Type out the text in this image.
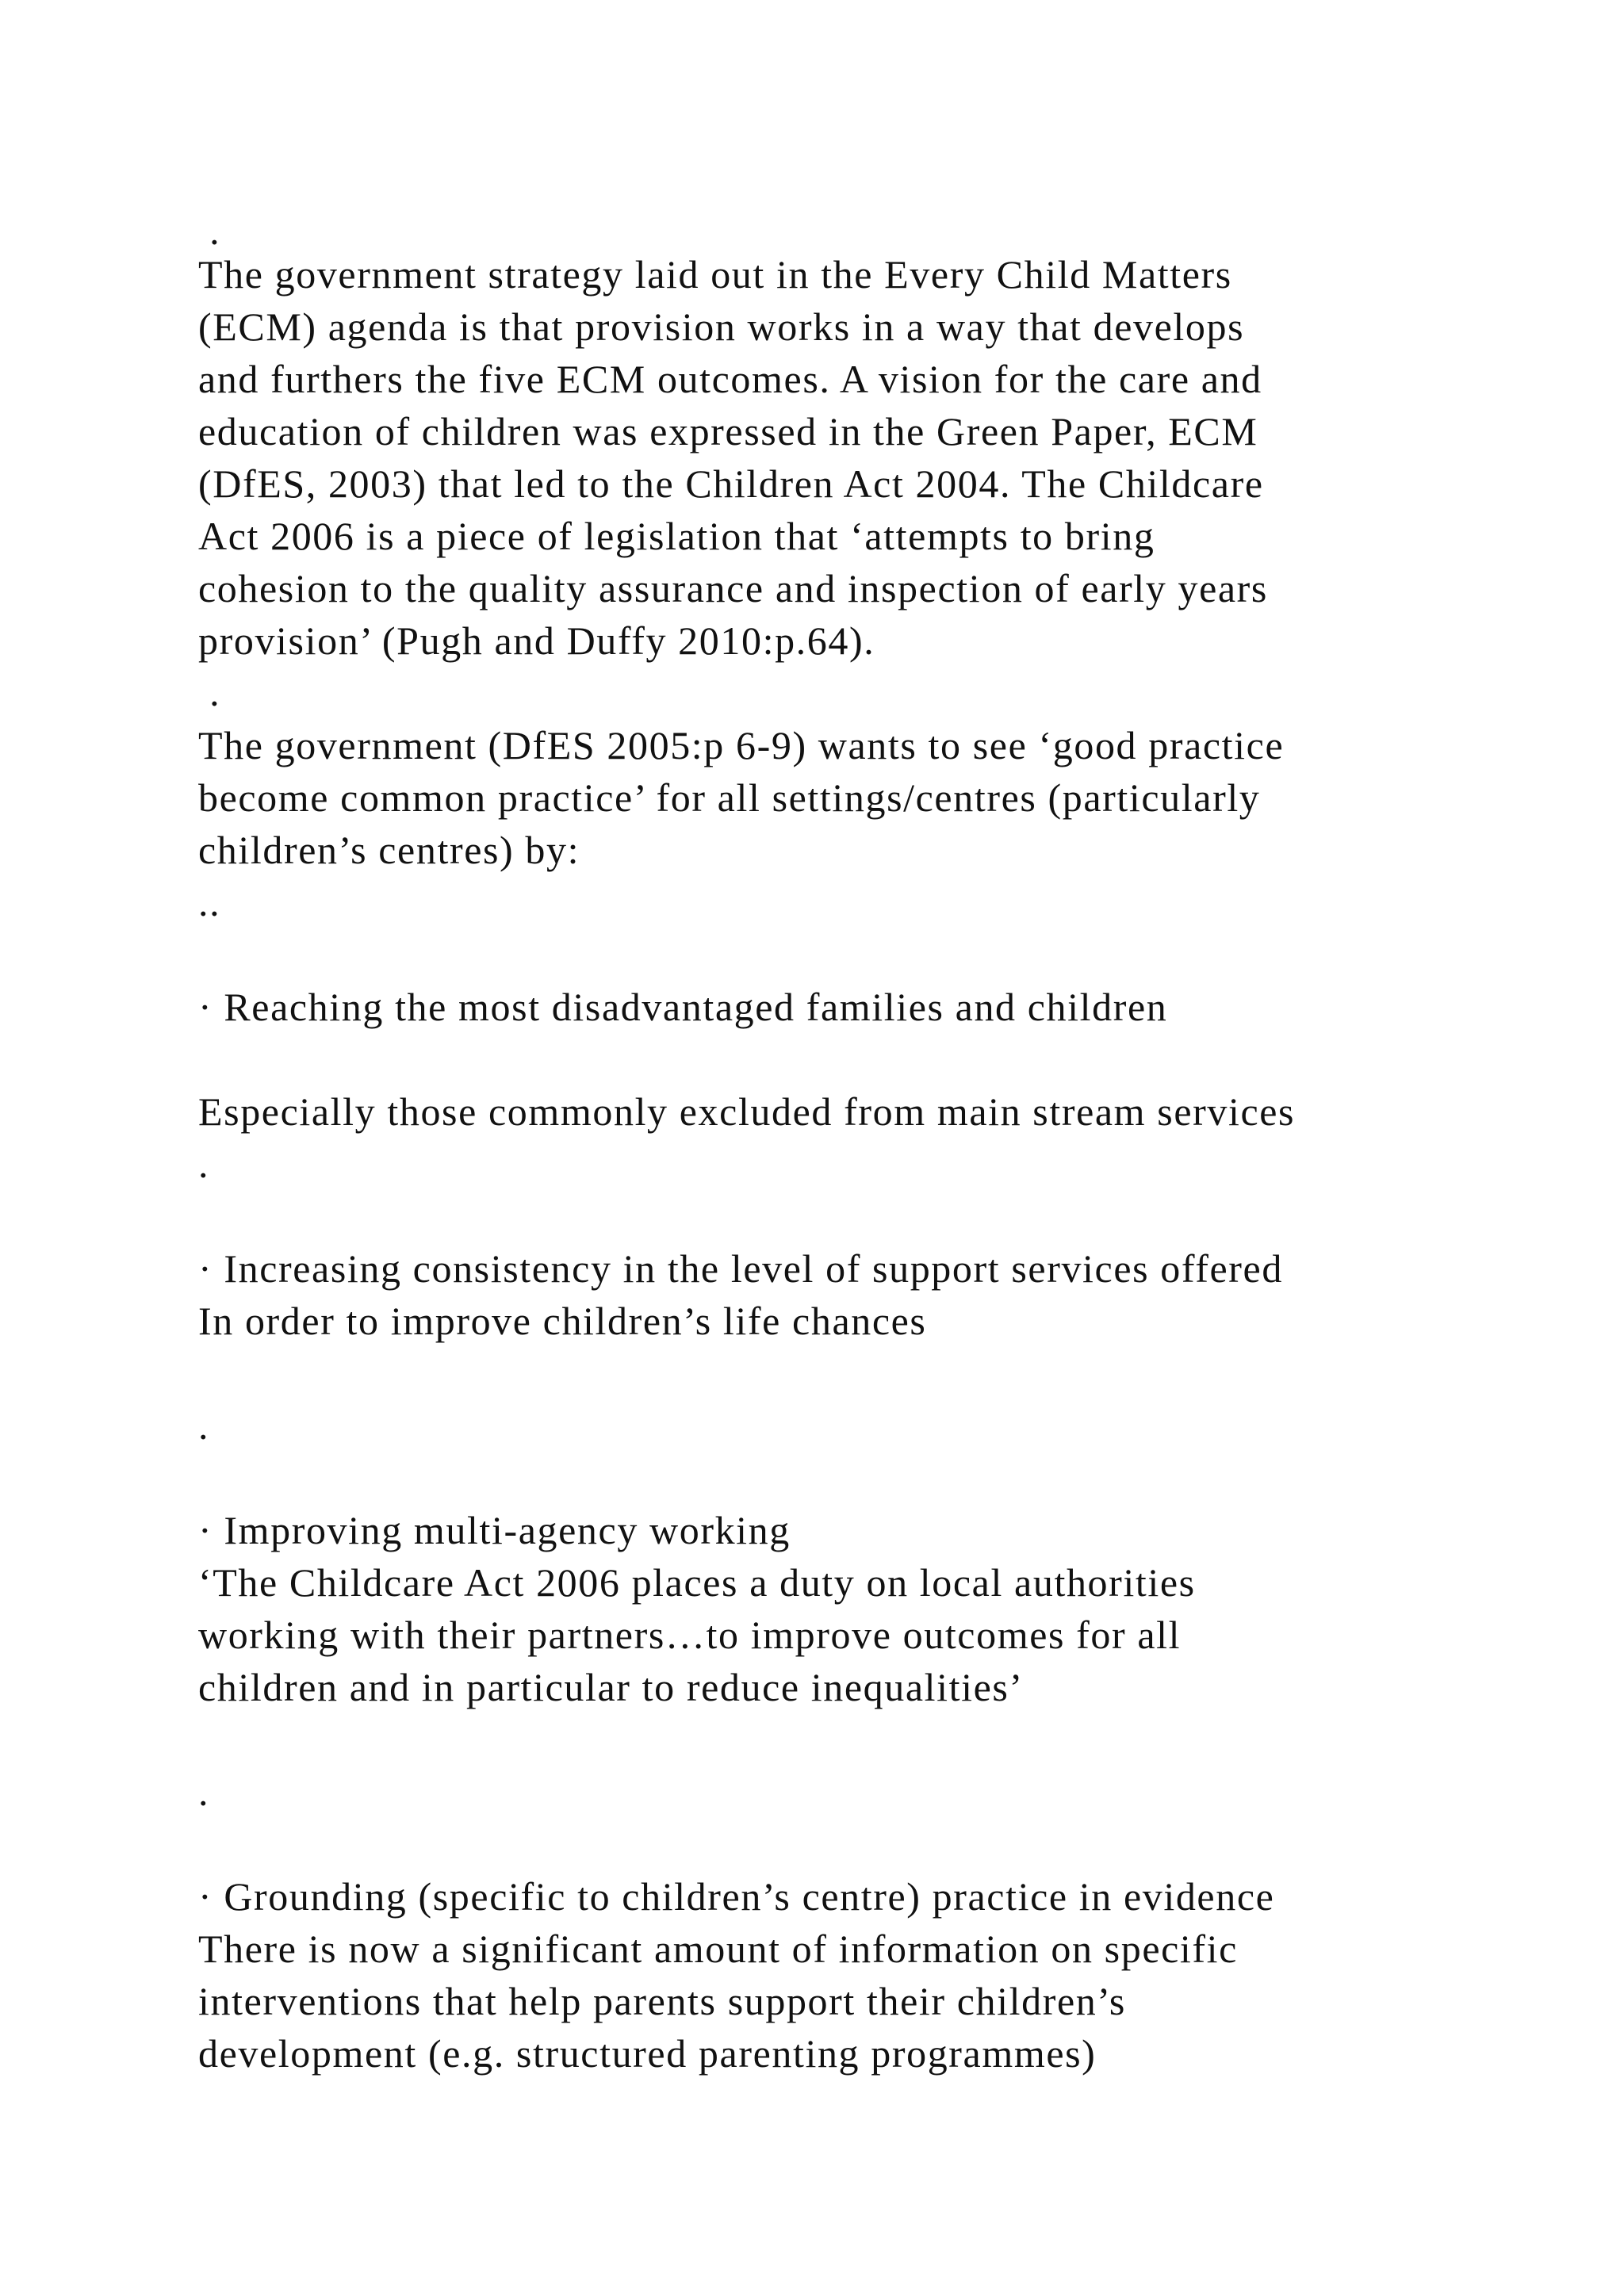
.
The government strategy laid out in the Every Child Matters
(ECM) agenda is that provision works in a way that develops
and furthers the five ECM outcomes. A vision for the care and
education of children was expressed in the Green Paper, ECM
(DfES, 2003) that led to the Children Act 2004. The Childcare
Act 2006 is a piece of legislation that ‘attempts to bring
cohesion to the quality assurance and inspection of early years
provision’ (Pugh and Duffy 2010:p.64).
.
The government (DfES 2005:p 6-9) wants to see ‘good practice
become common practice’ for all settings/centres (particularly
children’s centres) by:
..
· Reaching the most disadvantaged families and children
Especially those commonly excluded from main stream services
.
· Increasing consistency in the level of support services offered
In order to improve children’s life chances
.
· Improving multi-agency working
‘The Childcare Act 2006 places a duty on local authorities
working with their partners…to improve outcomes for all
children and in particular to reduce inequalities’
.
· Grounding (specific to children’s centre) practice in evidence
There is now a significant amount of information on specific
interventions that help parents support their children’s
development (e.g. structured parenting programmes)
